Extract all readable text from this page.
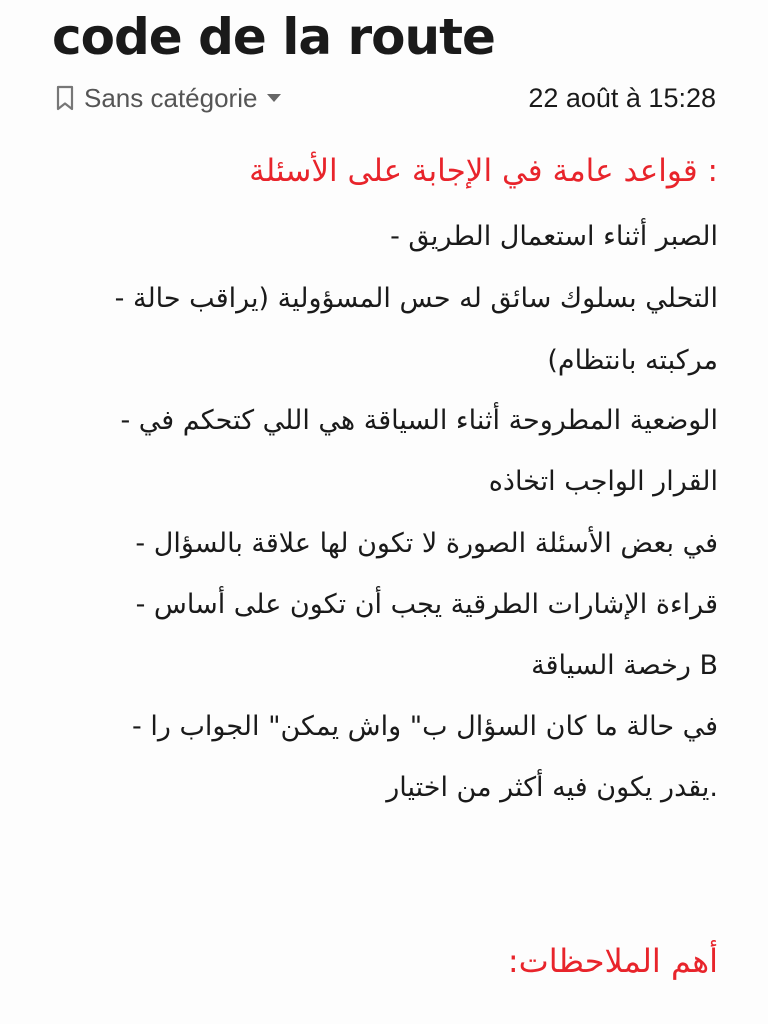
code de la route
Sans catégorie	22 août à 15:28

: قواعد عامة في الإجابة على الأسئلة

الصبر أثناء استعمال الطريق -
التحلي بسلوك سائق له حس المسؤولية (يراقب حالة -
مركبته بانتظام)
الوضعية المطروحة أثناء السياقة هي اللي كتحكم في -
القرار الواجب اتخاذه
في بعض الأسئلة الصورة لا تكون لها علاقة بالسؤال -
قراءة الإشارات الطرقية يجب أن تكون على أساس -
B رخصة السياقة
في حالة ما كان السؤال ب" واش يمكن" الجواب را -
.يقدر يكون فيه أكثر من اختيار

أهم الملاحظات:
